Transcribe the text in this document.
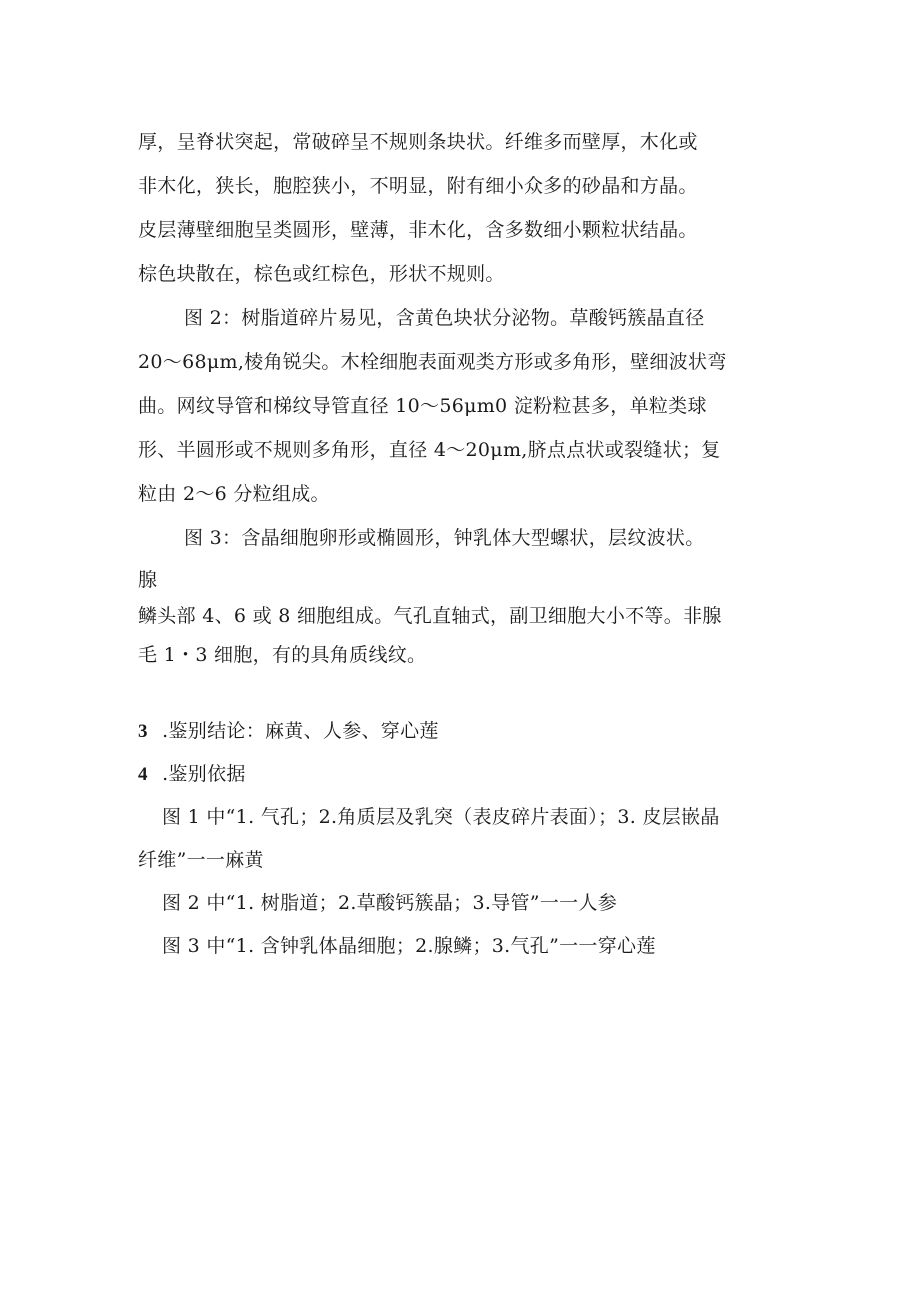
厚，呈脊状突起，常破碎呈不规则条块状。纤维多而壁厚，木化或
非木化，狭长，胞腔狭小，不明显，附有细小众多的砂晶和方晶。
皮层薄壁细胞呈类圆形，壁薄，非木化，含多数细小颗粒状结晶。
棕色块散在，棕色或红棕色，形状不规则。
图 2：树脂道碎片易见，含黄色块状分泌物。草酸钙簇晶直径
20～68μm,棱角锐尖。木栓细胞表面观类方形或多角形，壁细波状弯
曲。网纹导管和梯纹导管直径 10～56μm0 淀粉粒甚多，单粒类球
形、半圆形或不规则多角形，直径 4～20μm,脐点点状或裂缝状；复
粒由 2～6 分粒组成。
图 3：含晶细胞卵形或椭圆形，钟乳体大型螺状，层纹波状。
腺
鳞头部 4、6 或 8 细胞组成。气孔直轴式，副卫细胞大小不等。非腺
毛 1・3 细胞，有的具角质线纹。
3 .鉴别结论：麻黄、人参、穿心莲
4 .鉴别依据
图 1 中“1. 气孔；2.角质层及乳突（表皮碎片表面）；3. 皮层嵌晶
纤维”一一麻黄
图 2 中“1. 树脂道；2.草酸钙簇晶；3.导管”一一人参
图 3 中“1. 含钟乳体晶细胞；2.腺鳞；3.气孔”一一穿心莲
